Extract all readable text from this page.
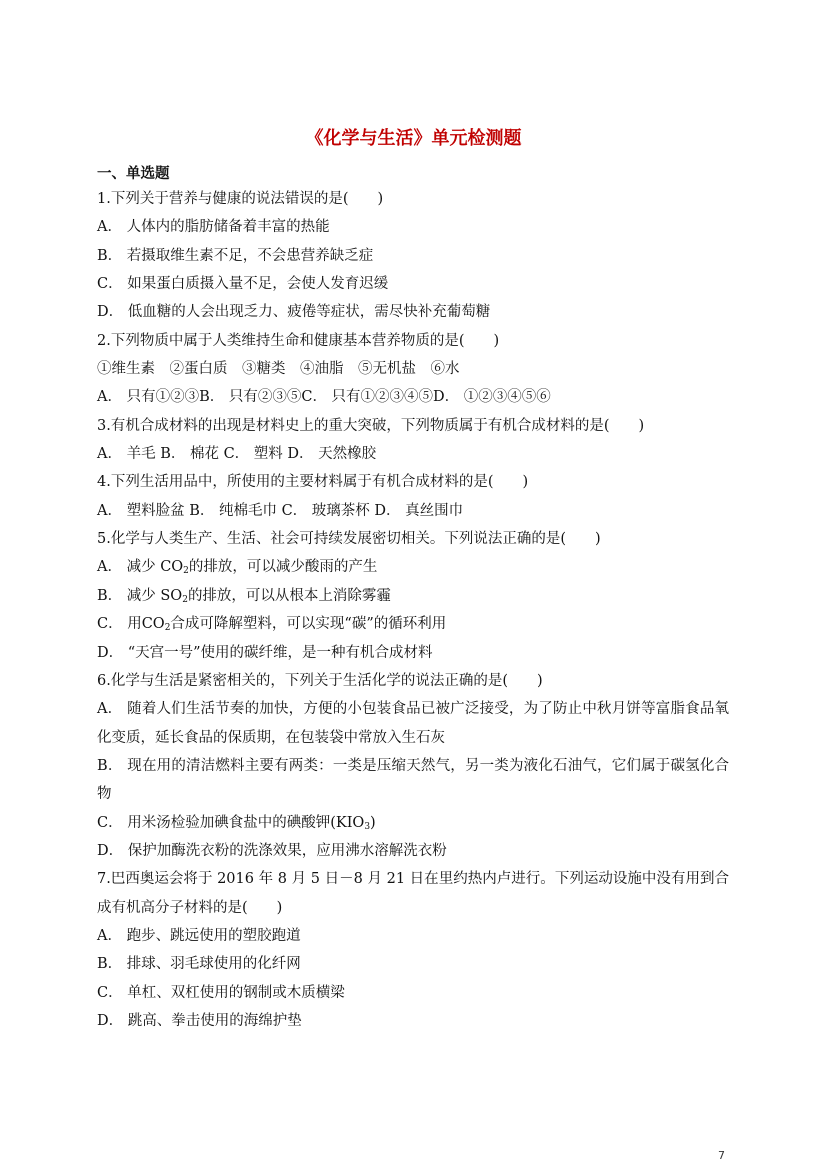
《化学与生活》单元检测题
一、单选题
1.下列关于营养与健康的说法错误的是(　　)
A． 人体内的脂肪储备着丰富的热能
B． 若摄取维生素不足，不会患营养缺乏症
C． 如果蛋白质摄入量不足，会使人发育迟缓
D． 低血糖的人会出现乏力、疲倦等症状，需尽快补充葡萄糖
2.下列物质中属于人类维持生命和健康基本营养物质的是(　　)
①维生素　②蛋白质　③糖类　④油脂　⑤无机盐　⑥水
A． 只有①②③B． 只有②③⑤C． 只有①②③④⑤D． ①②③④⑤⑥
3.有机合成材料的出现是材料史上的重大突破，下列物质属于有机合成材料的是(　　)
A． 羊毛 B． 棉花 C． 塑料 D． 天然橡胶
4.下列生活用品中，所使用的主要材料属于有机合成材料的是(　　)
A． 塑料脸盆 B． 纯棉毛巾 C． 玻璃茶杯 D． 真丝围巾
5.化学与人类生产、生活、社会可持续发展密切相关。下列说法正确的是(　　)
A． 减少 $CO_2$的排放，可以减少酸雨的产生
B． 减少 $SO_2$的排放，可以从根本上消除雾霾
C． 用$CO_2$合成可降解塑料，可以实现“碳”的循环利用
D． “天宫一号”使用的碳纤维，是一种有机合成材料
6.化学与生活是紧密相关的，下列关于生活化学的说法正确的是(　　)
A． 随着人们生活节奏的加快，方便的小包装食品已被广泛接受，为了防止中秋月饼等富脂食品氧化变质，延长食品的保质期，在包装袋中常放入生石灰
B． 现在用的清洁燃料主要有两类：一类是压缩天然气，另一类为液化石油气，它们属于碳氢化合物
C． 用米汤检验加碘食盐中的碘酸钾$(KIO_3)$
D． 保护加酶洗衣粉的洗涤效果，应用沸水溶解洗衣粉
7.巴西奥运会将于 2016 年 8 月 5 日－8 月 21 日在里约热内卢进行。下列运动设施中没有用到合成有机高分子材料的是(　　)
A． 跑步、跳远使用的塑胶跑道
B． 排球、羽毛球使用的化纤网
C． 单杠、双杠使用的钢制或木质横梁
D． 跳高、拳击使用的海绵护垫
7
